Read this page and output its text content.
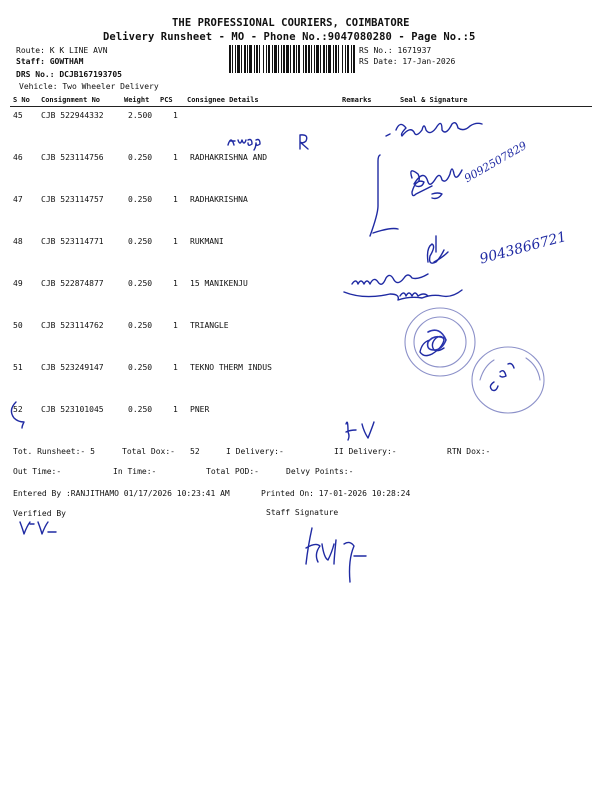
THE PROFESSIONAL COURIERS, COIMBATORE
Delivery Runsheet - MO - Phone No.:9047080280 - Page No.:5
Route: K K LINE AVN
Staff: GOWTHAM
DRS No.: DCJB167193705
Vehicle: Two Wheeler Delivery
RS No.: 1671937
RS Date: 17-Jan-2026
S No Consignment No	Weight PCS Consignee Details	Remarks	Seal & Signature
45 CJB 522944332	2.500	1
46 CJB 523114756	0.250	1 RADHAKRISHNA AND
47 CJB 523114757	0.250	1 RADHAKRISHNA
48 CJB 523114771	0.250	1 RUKMANI
49 CJB 522874877	0.250	1 15 MANIKENJU
50 CJB 523114762	0.250	1 TRIANGLE
51 CJB 523249147	0.250	1 TEKNO THERM INDUS
52 CJB 523101045	0.250	1 PNER
Tot. Runsheet:- 5	Total Dox:- 52	I Delivery:-	II Delivery:-	RTN Dox:-
Out Time:-	In Time:-	Total POD:-	Delvy Points:-
Entered By :RANJITHAMO 01/17/2026 10:23:41 AM	Printed On: 17-01-2026 10:28:24
Verified By	Staff Signature
9092507829
9043866721
